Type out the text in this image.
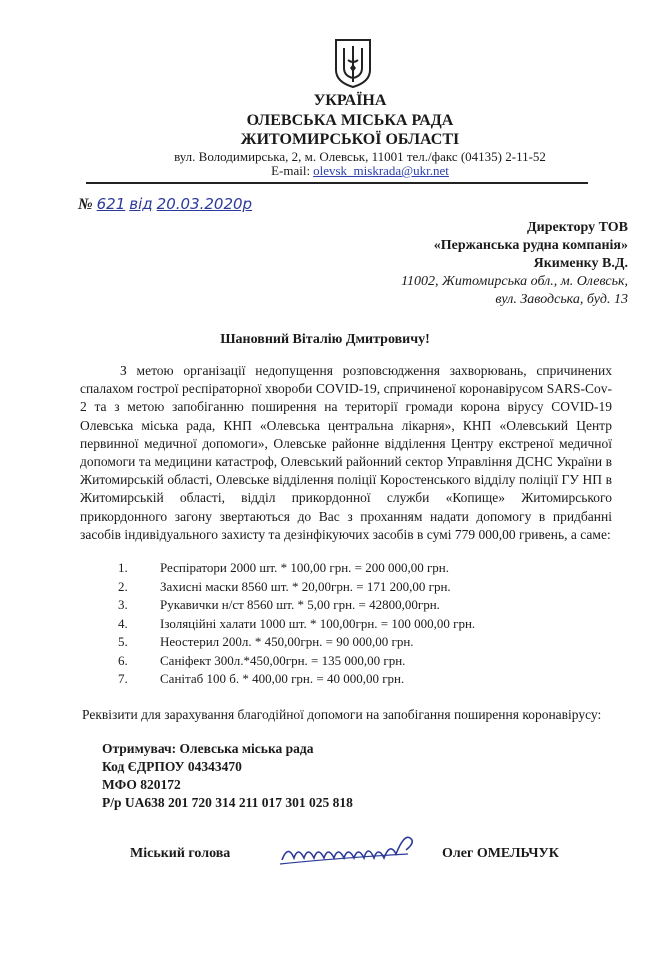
УКРАЇНА
ОЛЕВСЬКА МІСЬКА РАДА
ЖИТОМИРСЬКОЇ ОБЛАСТІ
вул. Володимирська, 2, м. Олевськ, 11001 тел./факс (04135) 2-11-52
E-mail: olevsk_miskrada@ukr.net
№ 621 від 20.03.2020р
Директору ТОВ
«Пержанська рудна компанія»
Якименку В.Д.
11002, Житомирська обл., м. Олевськ,
вул. Заводська, буд. 13
Шановний Віталію Дмитровичу!
З метою організації недопущення розповсюдження захворювань, спричинених спалахом гострої респіраторної хвороби COVID-19, спричиненої коронавірусом SARS-Cov-2 та з метою запобіганню поширення на території громади корона вірусу COVID-19 Олевська міська рада, КНП «Олевська центральна лікарня», КНП «Олевський Центр первинної медичної допомоги», Олевське районне відділення Центру екстреної медичної допомоги та медицини катастроф, Олевський районний сектор Управління ДСНС України в Житомирській області, Олевське відділення поліції Коростенського відділу поліції ГУ НП в Житомирській області, відділ прикордонної служби «Копище» Житомирського прикордонного загону звертаються до Вас з проханням надати допомогу в придбанні засобів індивідуального захисту та дезінфікуючих засобів в сумі 779 000,00 гривень, а саме:
1. Респіратори 2000 шт. * 100,00 грн. = 200 000,00 грн.
2. Захисні маски 8560 шт. * 20,00грн. = 171 200,00 грн.
3. Рукавички н/ст 8560 шт. * 5,00 грн. = 42800,00грн.
4. Ізоляційні халати 1000 шт. * 100,00грн. = 100 000,00 грн.
5. Неостерил 200л. * 450,00грн. = 90 000,00 грн.
6. Саніфект 300л.*450,00грн. = 135 000,00 грн.
7. Санітаб 100 б. * 400,00 грн. = 40 000,00 грн.
Реквізити для зарахування благодійної допомоги на запобігання поширення коронавірусу:
Отримувач: Олевська міська рада
Код ЄДРПОУ 04343470
МФО 820172
Р/р UA638 201 720 314 211 017 301 025 818
Міський голова	Олег ОМЕЛЬЧУК
